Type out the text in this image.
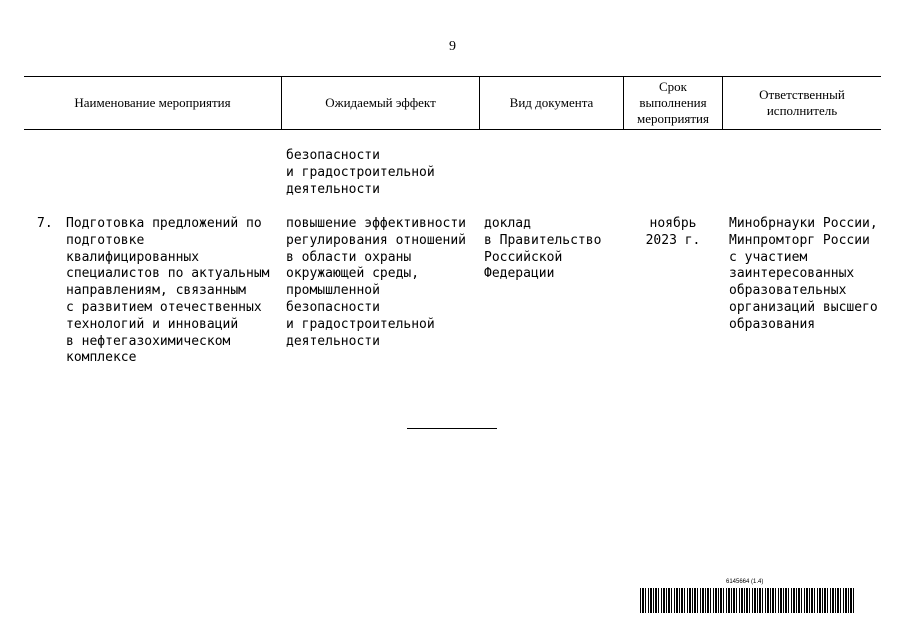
9
Наименование мероприятия	Ожидаемый эффект	Вид документа
Срок
выполнения
мероприятия
Ответственный
исполнитель
безопасности
и градостроительной
деятельности
7. Подготовка предложений по
подготовке
квалифицированных
специалистов по актуальным
направлениям, связанным
с развитием отечественных
технологий и инноваций
в нефтегазохимическом
комплексе
повышение эффективности
регулирования отношений
в области охраны
окружающей среды,
промышленной
безопасности
и градостроительной
деятельности
доклад
в Правительство
Российской
Федерации
ноябрь
2023 г.
Минобрнауки России,
Минпромторг России
с участием
заинтересованных
образовательных
организаций высшего
образования
6145664 (1.4)
